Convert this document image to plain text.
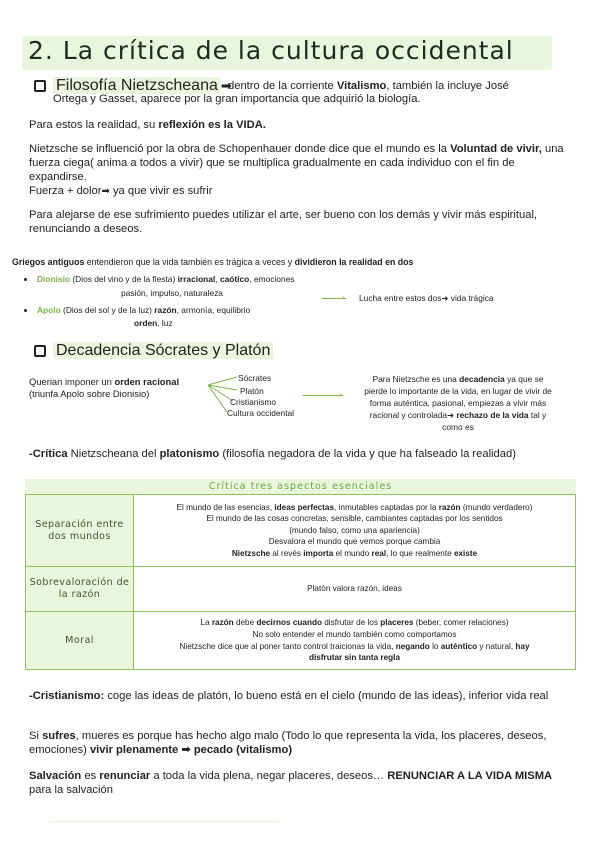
2. La crítica de la cultura occidental
Filosofía Nietzscheana ➡
dentro de la corriente Vitalismo, también la incluye José
Ortega y Gasset, aparece por la gran importancia que adquirió la biología.
Para estos la realidad, su reflexión es la VIDA.
Nietzsche se influenció por la obra de Schopenhauer donde dice que el mundo es la Voluntad de vivir, una fuerza ciega( anima a todos a vivir) que se multiplica gradualmente en cada individuo con el fin de expandirse.
Fuerza + dolor➡ ya que vivir es sufrir
Para alejarse de ese sufrimiento puedes utilizar el arte, ser bueno con los demás y vivir más espiritual, renunciando a deseos.
Griegos antiguos entendieron que la vida también es trágica a veces y dividieron la realidad en dos
Dionisio (Dios del vino y de la fiesta) irracional, caótico, emociones
pasión, impulso, naturaleza
Apolo (Dios del sol y de la luz) razón, armonía, equilibrio
orden, luz
› Lucha entre estos dos➜ vida trágica
Decadencia Sócrates y Platón
Querian imponer un orden racional
(triunfa Apolo sobre Dionisio)
Sócrates
Platón
Cristianismo
Cultura occidental
›
Para Nietzsche es una decadencia ya que se pierde lo importante de la vida, en lugar de vivir de forma auténtica, pasional, empiezas a vivir más racional y controlada➜ rechazo de la vida tal y como es
-Crítica Nietzscheana del platonismo (filosofía negadora de la vida y que ha falseado la realidad)
Crítica tres aspectos esenciales
Separación entre dos mundos	El mundo de las esencias, ideas perfectas, inmutables captadas por la razón (mundo verdadero)
El mundo de las cosas concretas, sensible, cambiantes captadas por los sentidos
(mundo falso, como una apariencia)
Desvalora el mundo que vemos porque cambia
Nietzsche al revés importa el mundo real, lo que realmente existe
Sobrevaloración de la razón	Platón valora razón, ideas
Moral	La razón debe decirnos cuando disfrutar de los placeres (beber, comer relaciones)
No solo entender el mundo también como comportamos
Nietzsche dice que al poner tanto control traicionas la vida, negando lo auténtico y natural, hay
disfrutar sin tanta regla
-Cristianismo: coge las ideas de platón, lo bueno está en el cielo (mundo de las ideas), inferior vida real
Si sufres, mueres es porque has hecho algo malo (Todo lo que representa la vida, los placeres, deseos, emociones) vivir plenamente ➡ pecado (vitalismo)
Salvación es renunciar a toda la vida plena, negar placeres, deseos… RENUNCIAR A LA VIDA MISMA para la salvación
